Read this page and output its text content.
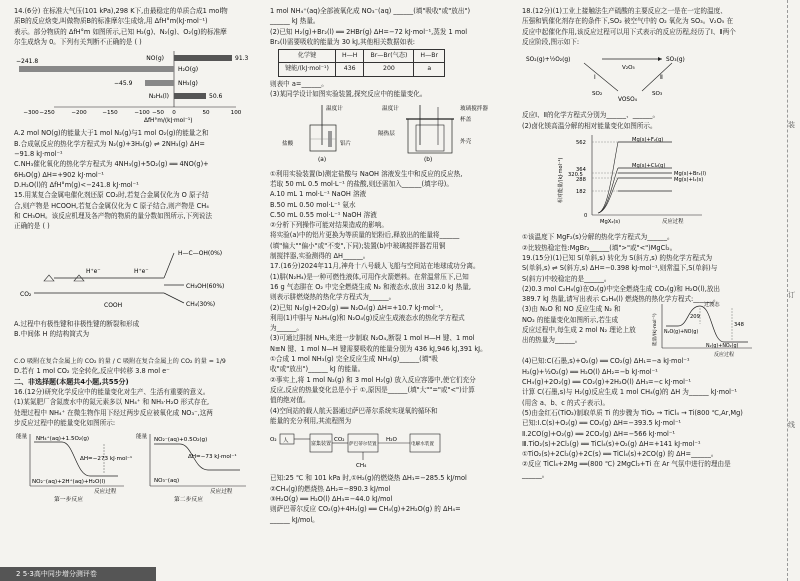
14.(6分) 在标准大气压(101 kPa),298 K下,由最稳定的单质合成1 mol物

质B的反应焓变,叫做物质B的标准摩尔生成焓,用 ΔfH°m(kJ·mol⁻¹)

表示。部分物质的 ΔfH°m 如图所示,已知 H₂(g)、N₂(g)、O₂(g)的标准摩

尔生成焓为 0。下列有关判断不正确的是 ( )

NO(g)
H₂O(g)
NH₃(g)
N₂H₄(l)
91.3
−241.8
−45.9
50.6
−300 −250	−200	−150	−100 −50 0	50	100
ΔfH°m/(kJ·mol⁻¹)

A.2 mol NO(g)的能量大于1 mol N₂(g)与1 mol O₂(g)的能量之和

B.合成氨反应的热化学方程式为 N₂(g)+3H₂(g) ⇌ 2NH₃(g) ΔH=

−91.8 kJ·mol⁻¹

C.NH₃催化氧化的热化学方程式为 4NH₃(g)+5O₂(g) ══ 4NO(g)+

6H₂O(g) ΔH=+902 kJ·mol⁻¹

D.H₂O(l)的 ΔfH°m(g)<−241.8 kJ·mol⁻¹

15.用某复合金属电催化剂还原 CO₂时,若复合金属仅化为 O 原子结

合,则产物是 HCOOH,若复合金属仅化为 C 原子结合,则产物是 CH₄

和 CH₃OH。该反应机理及各产物的物质的量分数如图所示,下列说法

正确的是 ( )

H⁺e⁻	H⁺e⁻
H—C—OH(0%)
CH₃OH(60%)
CH₄(30%)
CO₂
COOH

A.过程中有极性键和非极性键的断裂和形成

B.中间体 H 的结构简式为

C.O 吸附在复合金属上的 CO₂ 的量 / C 吸附在复合金属上的 CO₂ 的量 = 1/9

D.若有 1 mol CO₂ 完全转化,反应中转移 3.8 mol e⁻

二、非选择题(本题共4小题,共55分)

16.(12分)研究化学反应中的能量变化对生产、生活有重要的意义。

(1)某氮肥厂含氮废水中的氮元素多以 NH₄⁺ 和 NH₃·H₂O 形式存在,

处理过程中 NH₄⁺ 在微生物作用下经过两步反应被氧化成 NO₃⁻,这两

步反应过程中的能量变化如图所示:

能量 NH₄⁺(aq)+1.5O₂(g)
ΔH=−273 kJ·mol⁻¹
NO₂⁻(aq)+2H⁺(aq)+H₂O(l)
反应过程
第一步反应
能量 NO₂⁻(aq)+0.5O₂(g)
ΔH=−73 kJ·mol⁻¹
NO₃⁻(aq)
反应过程
第二步反应

1 mol NH₄⁺(aq)全部被氧化成 NO₃⁻(aq) ______(填"吸收"或"放出")

______ kJ 热量。

(2)已知 H₂(g)+Br₂(l) ══ 2HBr(g) ΔH=−72 kJ·mol⁻¹,蒸发 1 mol

Br₂(l)需要吸收的能量为 30 kJ,其他相关数据如表:

化学键	H—H	Br—Br(气态)	H—Br
键能/(kJ·mol⁻¹)	436	200	a

则表中 a=______。

(3)某同学设计如图实验装置,探究反应中的能量变化。

温度计
盐酸	铝片
(a)
温度计	玻璃搅拌器
杯盖
隔热层
外壳
(b)

①利用实验装置(b)测定盐酸与 NaOH 溶液发生中和反应的反应热,

若取 50 mL 0.5 mol·L⁻¹ 的盐酸,则还需加入______(填字母)。

A.10 mL 1 mol·L⁻¹ NaOH 溶液

B.50 mL 0.50 mol·L⁻¹ 氨水

C.50 mL 0.55 mol·L⁻¹ NaOH 溶液

②分析下列操作可能对结果造成的影响。

将实验(a)中的铝片更换为等质量的铝粉后,释放出的能量将______

(填"偏大""偏小"或"不变",下同);装置(b)中玻璃搅拌器若用铜

制搅拌器,实验测得的 ΔH______。

17.(16分)2024年11月,神舟十八号载人飞船与空间站在地球成功分离。

(1)肼(N₂H₄)是一种可燃性液体,可用作火箭燃料。在常温常压下,已知

16 g 气态肼在 O₂ 中完全燃烧生成 N₂ 和液态水,放出 312.0 kJ 热量,

则表示肼燃烧热的热化学方程式为______。

(2)已知 N₂(g)+2O₂(g) ══ N₂O₄(g) ΔH=+10.7 kJ·mol⁻¹,

利用(1)中肼与 N₂H₄(g)和 N₂O₄(g)反应生成液态水的热化学方程式

为______。

(3)可通过肼制 NH₃,来进一步制取 N₂O₄,断裂 1 mol H—H 键、1 mol

N≡N 键、1 mol N—H 键需要吸收的能量分别为 436 kJ,946 kJ,391 kJ。

①合成 1 mol NH₃(g) 完全反应生成 NH₃(g)______(填"吸

收"或"放出")______ kJ 的能量。

②事实上,将 1 mol N₂(g) 和 3 mol H₂(g) 放入反应容器中,使它们充分

反应,反应的热量变化总是小于 ①,原因是______(填"大""="或"<")计算

值的绝对值。

(4)空间站的载人航天器通过萨巴蒂尔系统实现氧的循环和

能量的充分利用,其流程图为

O₂ 人	富集装置	萨巴蒂尔装置
H₂O
电解水装置
CO₂
CH₄

已知:25 ℃ 和 101 kPa 时,①H₂(g)的燃烧热 ΔH₁=−285.5 kJ/mol

②CH₄(g)的燃烧热 ΔH₂=−890.3 kJ/mol

③H₂O(g) ══ H₂O(l) ΔH₃=−44.0 kJ/mol

则萨巴蒂尔反应 CO₂(g)+4H₂(g) ══ CH₄(g)+2H₂O(g) 的 ΔH₄=

______ kJ/mol。

18.(12分)(1)工业上接触法生产硫酸的主要反应之一是在一定的温度、

压强和钒催化剂存在的条件下,SO₂ 被空气中的 O₂ 氧化为 SO₃。V₂O₅ 在

反应中起催化作用,该反应过程可以用下式表示的反应历程,经历了Ⅰ、Ⅱ两个

反应阶段,图示如下:

SO₂(g)+½O₂(g)	SO₃(g)
V₂O₅
Ⅰ	Ⅱ
VOSO₄
SO₂	SO₃

反应Ⅰ、Ⅱ的化学方程式分别为______、______。

(2)卤化镁高温分解的相对能量变化如图所示。

Mg(s)+F₂(g)
Mg(s)+Cl₂(g)
Mg(s)+Br₂(l)
Mg(s)+I₂(s)
MgX₂(s)
562
364
320.5
288
182
0
相对能量/(kJ·mol⁻¹)
反应过程

①该温度下 MgF₂(s)分解的热化学方程式为______。

②比较热稳定性:MgBr₂______(填">"或"<")MgCl₂。

19.(15分)(1)已知 S(单斜,s) 转化为 S(斜方,s) 的热化学方程式为

S(单斜,s) ⇌ S(斜方,s) ΔH=−0.398 kJ·mol⁻¹,则常温下,S(单斜)与

S(斜方)中较稳定的是______。

(2)0.3 mol C₂H₆(g)在O₂(g)中完全燃烧生成 CO₂(g)和 H₂O(l),放出

389.7 kJ 热量,请写出表示 C₂H₆(l) 燃烧热的热化学方程式:______。

(3)由 N₂O 和 NO 反应生成 N₂ 和

NO₂ 的能量变化如图所示,若生成

反应过程中,每生成 2 mol N₂ 理论上放

出的热量为______。

过渡态
209
N₂O(g)+NO(g)
348
N₂(g)+NO₂(g)
反应过程
能量/(kJ·mol⁻¹)

(4)已知:C(石墨,s)+O₂(g) ══ CO₂(g) ΔH₁=−a kJ·mol⁻¹

H₂(g)+½O₂(g) ══ H₂O(l) ΔH₂=−b kJ·mol⁻¹

CH₄(g)+2O₂(g) ══ CO₂(g)+2H₂O(l) ΔH₃=−c kJ·mol⁻¹

计算 C(石墨,s)与 H₂(g)反应生成 1 mol CH₄(g)的 ΔH 为______ kJ·mol⁻¹

(用含 a、b、c 的式子表示)。

(5)由金红石(TiO₂)制取单质 Ti 的步骤为 TiO₂ → TiCl₄ → Ti(800 ℃,Ar,Mg)

已知:Ⅰ.C(s)+O₂(g) ══ CO₂(g) ΔH=−393.5 kJ·mol⁻¹

Ⅱ.2CO(g)+O₂(g) ══ 2CO₂(g) ΔH=−566 kJ·mol⁻¹

Ⅲ.TiO₂(s)+2Cl₂(g) ══ TiCl₄(s)+O₂(g) ΔH=+141 kJ·mol⁻¹

①TiO₂(s)+2Cl₂(g)+2C(s) ══ TiCl₄(s)+2CO(g) 的 ΔH=______。

②反应 TiCl₄+2Mg ══(800 ℃) 2MgCl₂+Ti 在 Ar 气氛中进行的理由是______。

装
订
线
2 5·3高中同步增分测评卷
